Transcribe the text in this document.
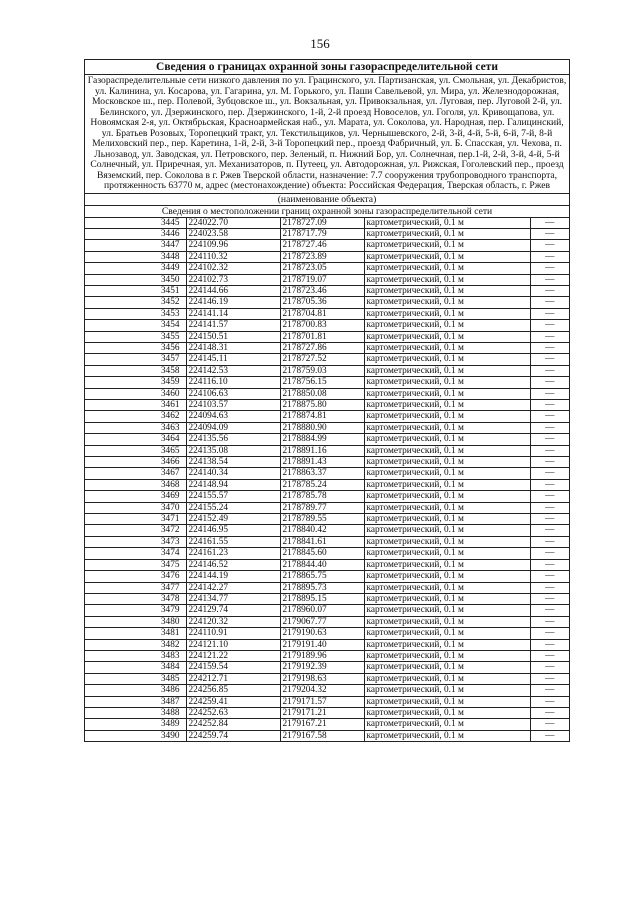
156
Сведения о границах охранной зоны газораспределительной сети
Газораспределительные сети низкого давления по ул. Грацинского, ул. Партизанская, ул. Смольная, ул. Декабристов, ул. Калинина, ул. Косарова, ул. Гагарина, ул. М. Горького, ул. Паши Савельевой, ул. Мира, ул. Железнодорожная, Московское ш., пер. Полевой, Зубцовское ш., ул. Вокзальная, ул. Привокзальная, ул. Луговая, пер. Луговой 2-й, ул. Белинского, ул. Дзержинского, пер. Дзержинского, 1-й, 2-й проезд Новоселов, ул. Гоголя, ул. Кривощапова, ул. Новоямская 2-я, ул. Октябрьская, Красноармейская наб., ул. Марата, ул. Соколова, ул. Народная, пер. Галицинский, ул. Братьев Розовых, Торопецкий тракт, ул. Текстильщиков, ул. Чернышевского, 2-й, 3-й, 4-й, 5-й, 6-й, 7-й, 8-й Мелиховский пер., пер. Каретина, 1-й, 2-й, 3-й Торопецкий пер., проезд Фабричный, ул. Б. Спасская, ул. Чехова, п. Льнозавод, ул. Заводская, ул. Петровского, пер. Зеленый, п. Нижний Бор, ул. Солнечная, пер.1-й, 2-й, 3-й, 4-й, 5-й Солнечный, ул. Приречная, ул. Механизаторов, п. Путеец, ул. Автодорожная, ул. Рижская, Гоголевский пер., проезд Вяземский, пер. Соколова в г. Ржев Тверской области, назначение: 7.7 сооружения трубопроводного транспорта, протяженность 63770 м, адрес (местонахождение) объекта: Российская Федерация, Тверская область, г. Ржев
(наименование объекта)
Сведения о местоположении границ охранной зоны газораспределительной сети
3445	224022.70	2178727.09	картометрический, 0.1 м	—
3446	224023.58	2178717.79	картометрический, 0.1 м	—
3447	224109.96	2178727.46	картометрический, 0.1 м	—
3448	224110.32	2178723.89	картометрический, 0.1 м	—
3449	224102.32	2178723.05	картометрический, 0.1 м	—
3450	224102.73	2178719.07	картометрический, 0.1 м	—
3451	224144.66	2178723.46	картометрический, 0.1 м	—
3452	224146.19	2178705.36	картометрический, 0.1 м	—
3453	224141.14	2178704.81	картометрический, 0.1 м	—
3454	224141.57	2178700.83	картометрический, 0.1 м	—
3455	224150.51	2178701.81	картометрический, 0.1 м	—
3456	224148.31	2178727.86	картометрический, 0.1 м	—
3457	224145.11	2178727.52	картометрический, 0.1 м	—
3458	224142.53	2178759.03	картометрический, 0.1 м	—
3459	224116.10	2178756.15	картометрический, 0.1 м	—
3460	224106.63	2178850.08	картометрический, 0.1 м	—
3461	224103.57	2178875.80	картометрический, 0.1 м	—
3462	224094.63	2178874.81	картометрический, 0.1 м	—
3463	224094.09	2178880.90	картометрический, 0.1 м	—
3464	224135.56	2178884.99	картометрический, 0.1 м	—
3465	224135.08	2178891.16	картометрический, 0.1 м	—
3466	224138.54	2178891.43	картометрический, 0.1 м	—
3467	224140.34	2178863.37	картометрический, 0.1 м	—
3468	224148.94	2178785.24	картометрический, 0.1 м	—
3469	224155.57	2178785.78	картометрический, 0.1 м	—
3470	224155.24	2178789.77	картометрический, 0.1 м	—
3471	224152.49	2178789.55	картометрический, 0.1 м	—
3472	224146.95	2178840.42	картометрический, 0.1 м	—
3473	224161.55	2178841.61	картометрический, 0.1 м	—
3474	224161.23	2178845.60	картометрический, 0.1 м	—
3475	224146.52	2178844.40	картометрический, 0.1 м	—
3476	224144.19	2178865.75	картометрический, 0.1 м	—
3477	224142.27	2178895.73	картометрический, 0.1 м	—
3478	224134.77	2178895.15	картометрический, 0.1 м	—
3479	224129.74	2178960.07	картометрический, 0.1 м	—
3480	224120.32	2179067.77	картометрический, 0.1 м	—
3481	224110.91	2179190.63	картометрический, 0.1 м	—
3482	224121.10	2179191.40	картометрический, 0.1 м	—
3483	224121.22	2179189.96	картометрический, 0.1 м	—
3484	224159.54	2179192.39	картометрический, 0.1 м	—
3485	224212.71	2179198.63	картометрический, 0.1 м	—
3486	224256.85	2179204.32	картометрический, 0.1 м	—
3487	224259.41	2179171.57	картометрический, 0.1 м	—
3488	224252.63	2179171.21	картометрический, 0.1 м	—
3489	224252.84	2179167.21	картометрический, 0.1 м	—
3490	224259.74	2179167.58	картометрический, 0.1 м	—
